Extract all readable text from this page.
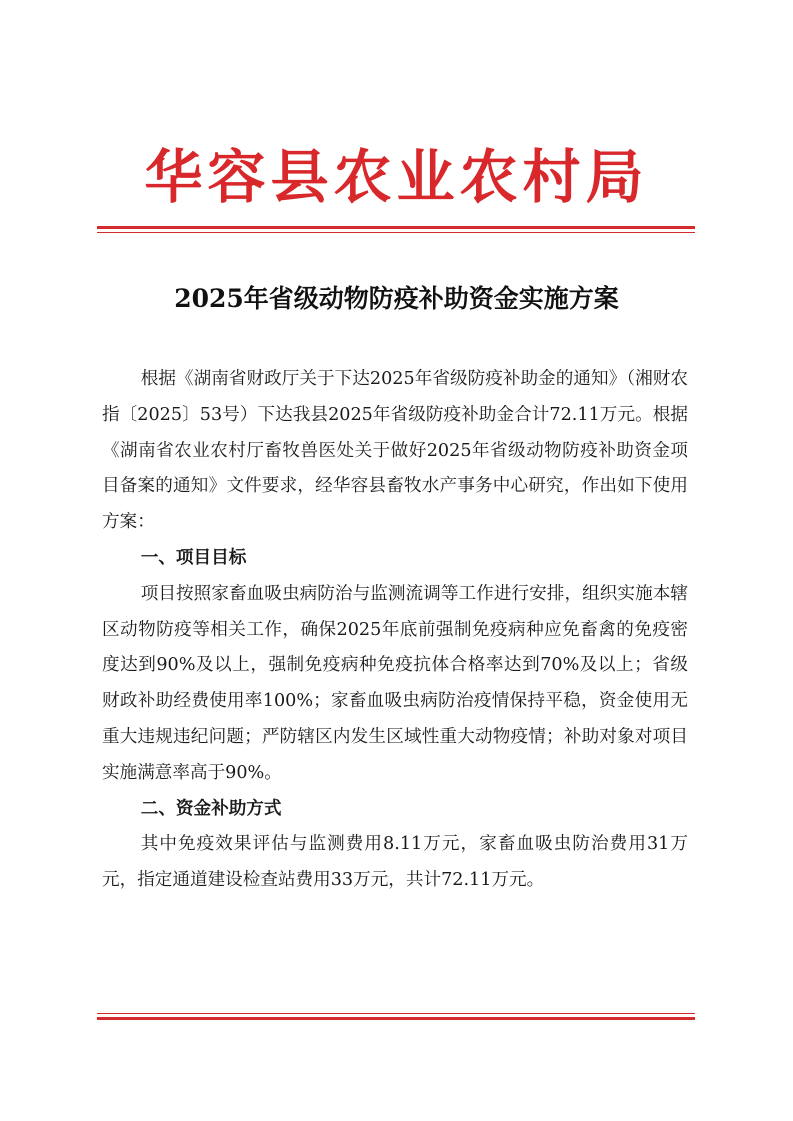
华容县农业农村局
2025年省级动物防疫补助资金实施方案

根据《湖南省财政厅关于下达2025年省级防疫补助金的通知》（湘财农指〔2025〕53号）下达我县2025年省级防疫补助金合计72.11万元。根据《湖南省农业农村厅畜牧兽医处关于做好2025年省级动物防疫补助资金项目备案的通知》文件要求，经华容县畜牧水产事务中心研究，作出如下使用方案：

一、项目目标

项目按照家畜血吸虫病防治与监测流调等工作进行安排，组织实施本辖区动物防疫等相关工作，确保2025年底前强制免疫病种应免畜禽的免疫密度达到90%及以上，强制免疫病种免疫抗体合格率达到70%及以上；省级财政补助经费使用率100%；家畜血吸虫病防治疫情保持平稳，资金使用无重大违规违纪问题；严防辖区内发生区域性重大动物疫情；补助对象对项目实施满意率高于90%。

二、资金补助方式

其中免疫效果评估与监测费用8.11万元，家畜血吸虫防治费用31万元，指定通道建设检查站费用33万元，共计72.11万元。
